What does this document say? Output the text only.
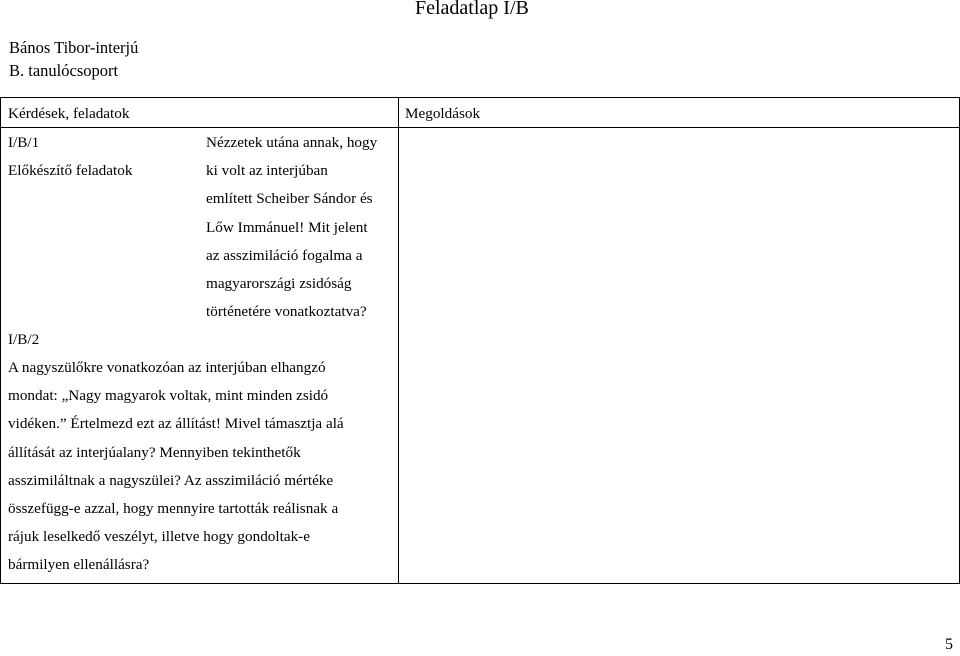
Feladatlap I/B
Bános Tibor-interjú
B. tanulócsoport
Kérdések, feladatok	Megoldások
I/B/1
Előkészítő feladatok
Nézzetek utána annak, hogy
ki volt az interjúban
említett Scheiber Sándor és
Lőw Immánuel! Mit jelent
az asszimiláció fogalma a
magyarországi zsidóság
történetére vonatkoztatva?
I/B/2
A nagyszülőkre vonatkozóan az interjúban elhangzó
mondat: „Nagy magyarok voltak, mint minden zsidó
vidéken.” Értelmezd ezt az állítást! Mivel támasztja alá
állítását az interjúalany? Mennyiben tekinthetők
asszimiláltnak a nagyszülei? Az asszimiláció mértéke
összefügg-e azzal, hogy mennyire tartották reálisnak a
rájuk leselkedő veszélyt, illetve hogy gondoltak-e
bármilyen ellenállásra?
5
